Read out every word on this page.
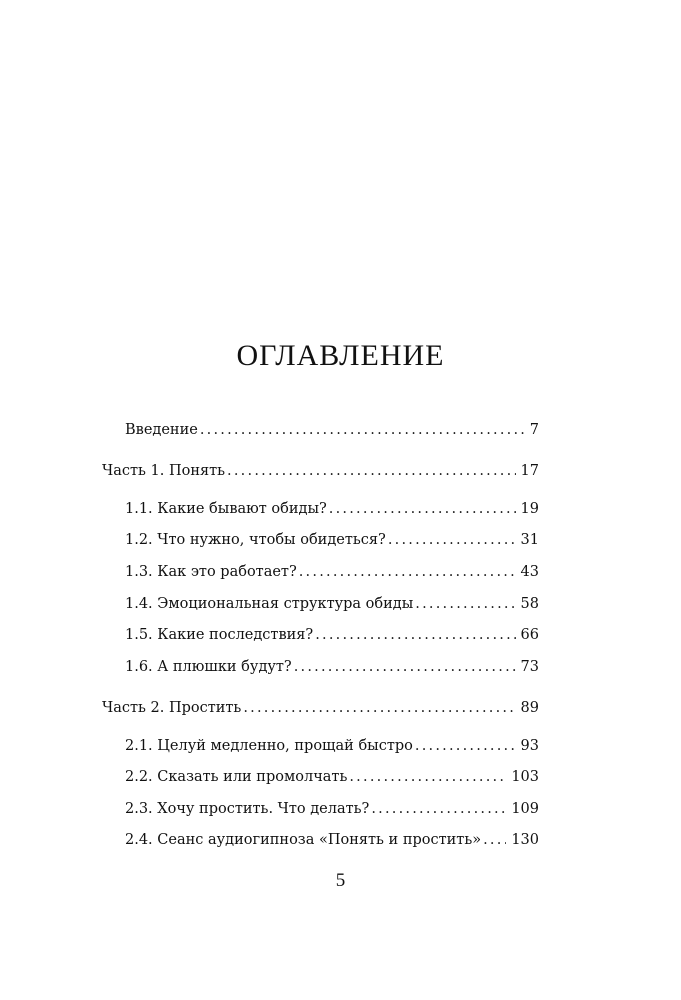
ОГЛАВЛЕНИЕ
Введение . . .	7
Часть 1. Понять . . .	17
1.1. Какие бывают обиды? . . .	19
1.2. Что нужно, чтобы обидеться? . . .	31
1.3. Как это работает? . . .	43
1.4. Эмоциональная структура обиды . . .	58
1.5. Какие последствия? . . .	66
1.6. А плюшки будут? . . .	73
Часть 2. Простить . . .	89
2.1. Целуй медленно, прощай быстро . . .	93
2.2. Сказать или промолчать . . .	103
2.3. Хочу простить. Что делать? . . .	109
2.4. Сеанс аудиогипноза «Понять и простить» . . . 130
5
